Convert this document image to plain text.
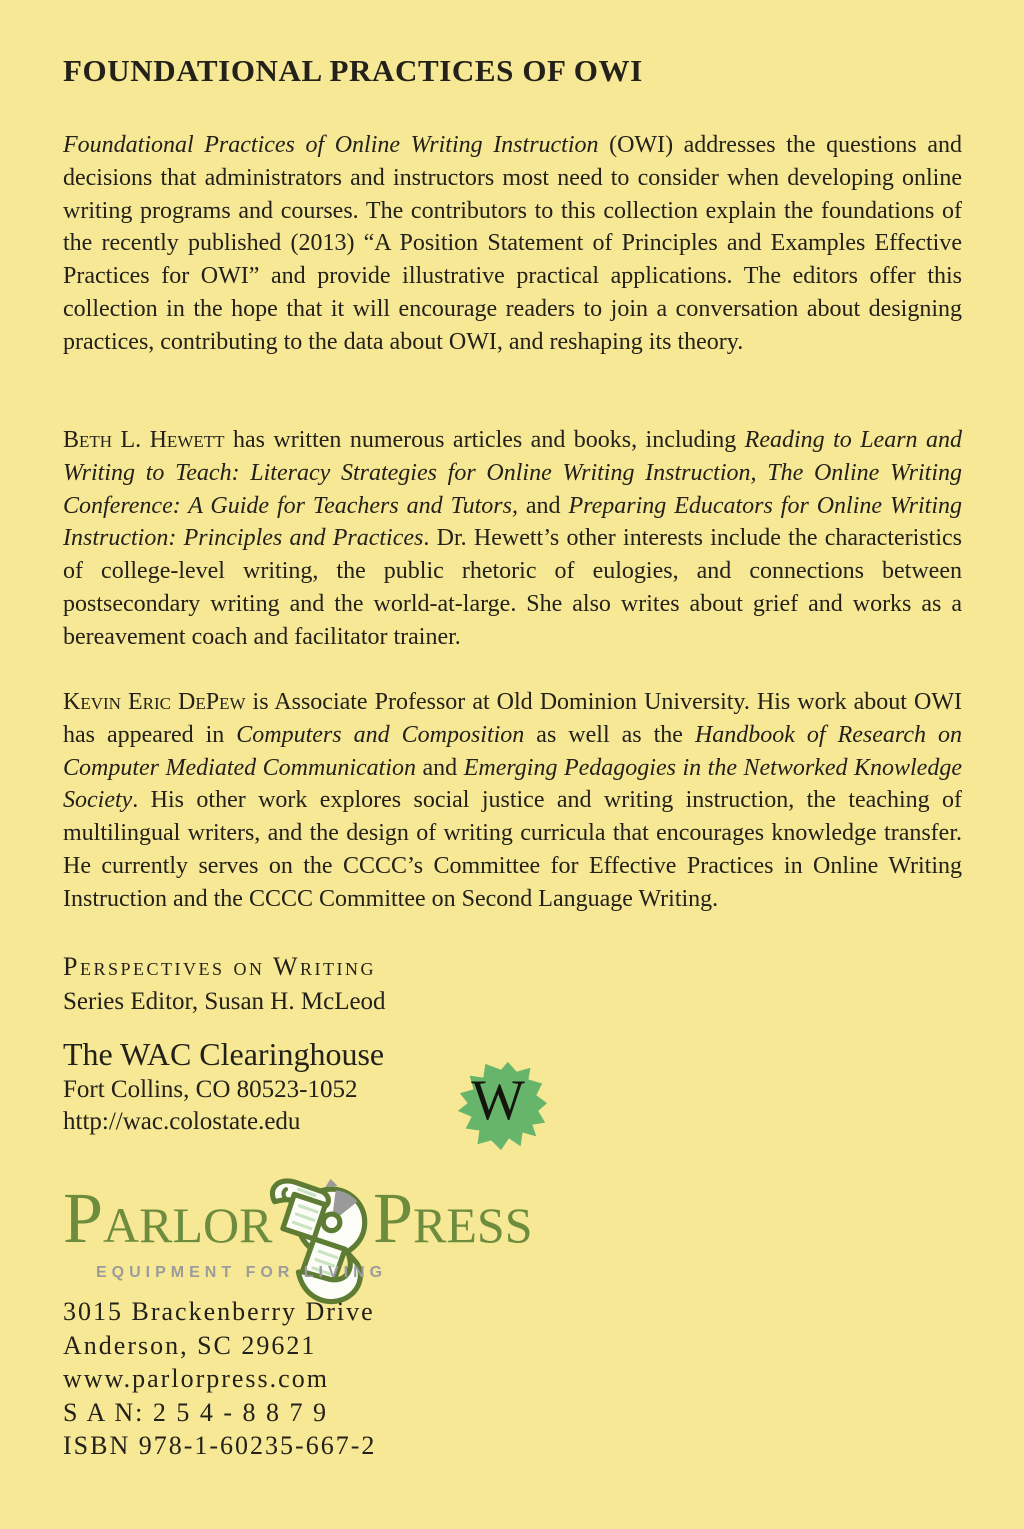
FOUNDATIONAL PRACTICES OF OWI

Foundational Practices of Online Writing Instruction (OWI) addresses the questions and decisions that administrators and instructors most need to consider when developing online writing programs and courses. The contributors to this collection explain the foundations of the recently published (2013) “A Position Statement of Principles and Examples Effective Practices for OWI” and provide illustrative practical applications. The editors offer this collection in the hope that it will encourage readers to join a conversation about designing practices, contributing to the data about OWI, and reshaping its theory.

Beth L. Hewett has written numerous articles and books, including Reading to Learn and Writing to Teach: Literacy Strategies for Online Writing Instruction, The Online Writing Conference: A Guide for Teachers and Tutors, and Preparing Educators for Online Writing Instruction: Principles and Practices. Dr. Hewett’s other interests include the characteristics of college-level writing, the public rhetoric of eulogies, and connections between postsecondary writing and the world-at-large. She also writes about grief and works as a bereavement coach and facilitator trainer.

Kevin Eric DePew is Associate Professor at Old Dominion University. His work about OWI has appeared in Computers and Composition as well as the Handbook of Research on Computer Mediated Communication and Emerging Pedagogies in the Networked Knowledge Society. His other work explores social justice and writing instruction, the teaching of multilingual writers, and the design of writing curricula that encourages knowledge transfer. He currently serves on the CCCC’s Committee for Effective Practices in Online Writing Instruction and the CCCC Committee on Second Language Writing.

Perspectives on Writing
Series Editor, Susan H. McLeod
The WAC Clearinghouse
Fort Collins, CO 80523-1052
http://wac.colostate.edu	W
Parlor Press
EQUIPMENT FOR LIVING
3015 Brackenberry Drive
Anderson, SC 29621
www.parlorpress.com
S A N: 2 5 4 - 8 8 7 9
ISBN 978-1-60235-667-2
